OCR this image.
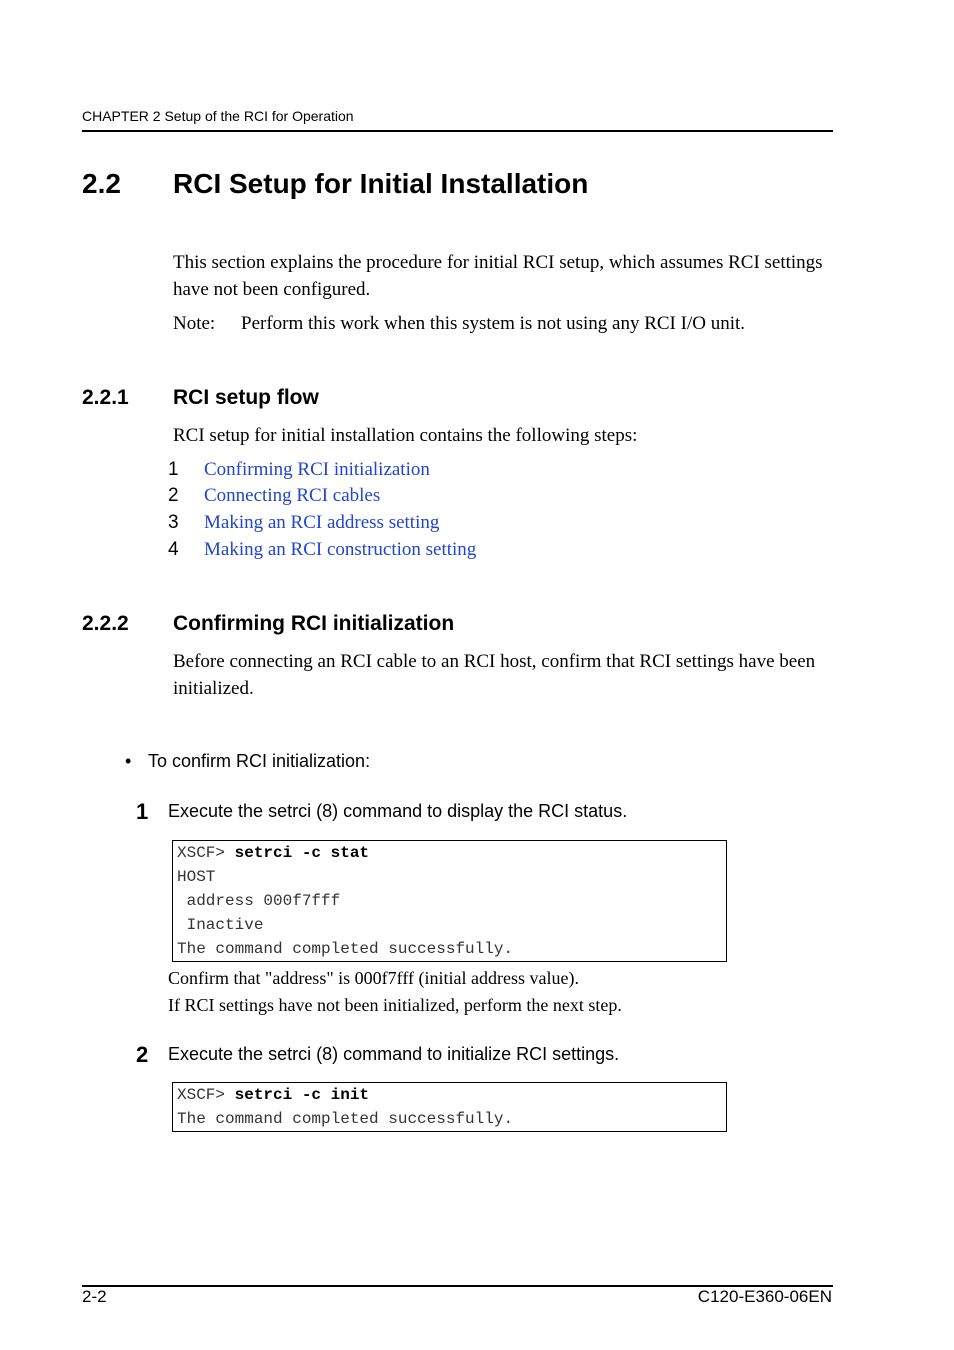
CHAPTER 2 Setup of the RCI for Operation
2.2 RCI Setup for Initial Installation
This section explains the procedure for initial RCI setup, which assumes RCI settings have not been configured.
Note: Perform this work when this system is not using any RCI I/O unit.
2.2.1 RCI setup flow
RCI setup for initial installation contains the following steps:
1 Confirming RCI initialization
2 Connecting RCI cables
3 Making an RCI address setting
4 Making an RCI construction setting
2.2.2 Confirming RCI initialization
Before connecting an RCI cable to an RCI host, confirm that RCI settings have been initialized.
• To confirm RCI initialization:
1 Execute the setrci (8) command to display the RCI status.
XSCF> setrci -c stat
HOST
address 000f7fff
Inactive
The command completed successfully.
Confirm that "address" is 000f7fff (initial address value).
If RCI settings have not been initialized, perform the next step.
2 Execute the setrci (8) command to initialize RCI settings.
XSCF> setrci -c init
The command completed successfully.
2-2	C120-E360-06EN
